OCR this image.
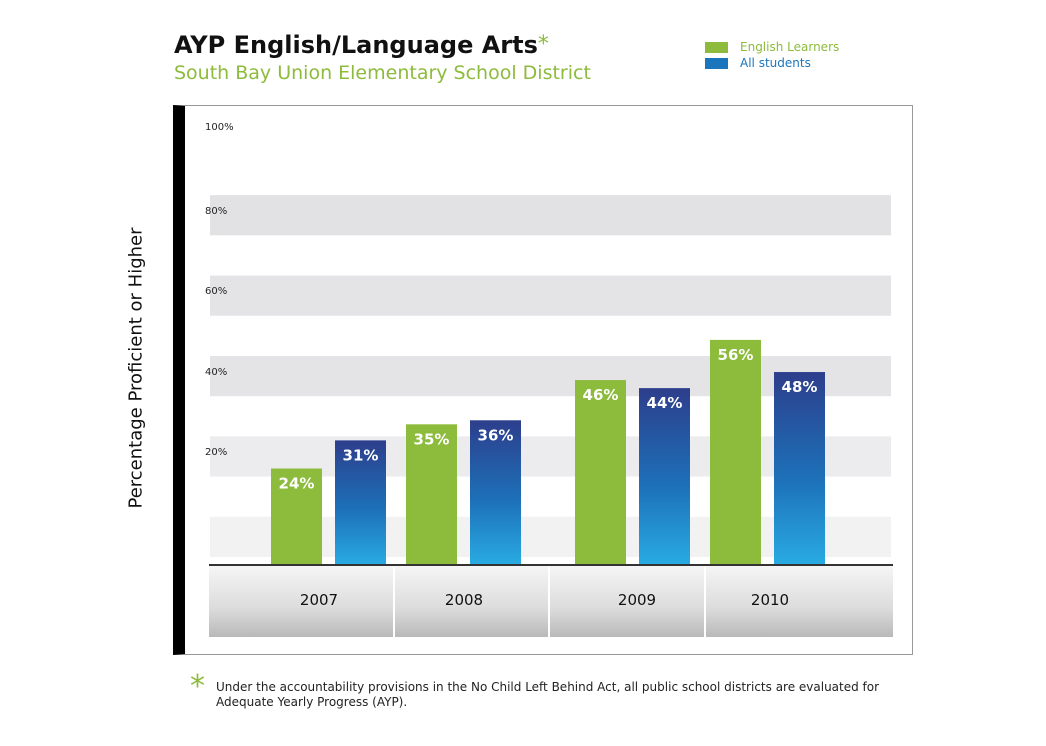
AYP English/Language Arts*
South Bay Union Elementary School District
English Learners
All students
Percentage Proficient or Higher
100%
80%
60%
40%
20%
24%
31%
35% 36%
46% 44%
56%
48%
2007	2008	2009	2010
* Under the accountability provisions in the No Child Left Behind Act, all public school districts are evaluated for Adequate Yearly Progress (AYP).
